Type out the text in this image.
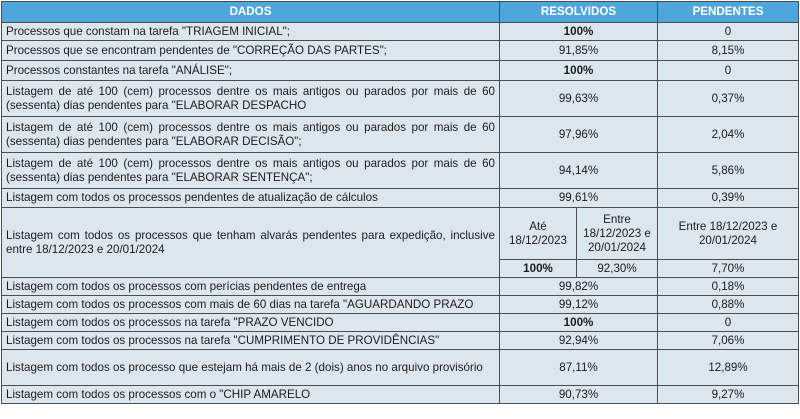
DADOS	RESOLVIDOS		PENDENTES
Processos que constam na tarefa "TRIAGEM INICIAL";	100%		0
Processos que se encontram pendentes de "CORREÇÃO DAS PARTES";	91,85%		8,15%
Processos constantes na tarefa "ANÁLISE";	100%		0
Listagem de até 100 (cem) processos dentre os mais antigos ou parados por mais de 60 (sessenta) dias pendentes para "ELABORAR DESPACHO	99,63%		0,37%
Listagem de até 100 (cem) processos dentre os mais antigos ou parados por mais de 60 (sessenta) dias pendentes para "ELABORAR DECISÃO";	97,96%		2,04%
Listagem de até 100 (cem) processos dentre os mais antigos ou parados por mais de 60 (sessenta) dias pendentes para "ELABORAR SENTENÇA";	94,14%		5,86%
Listagem com todos os processos pendentes de atualização de cálculos	99,61%		0,39%
Listagem com todos os processos que tenham alvarás pendentes para expedição, inclusive entre 18/12/2023 e 20/01/2024	Até 18/12/2023	Entre 18/12/2023 e 20/01/2024	Entre 18/12/2023 e 20/01/2024
	100%	92,30%	7,70%
Listagem com todos os processos com perícias pendentes de entrega	99,82%		0,18%
Listagem com todos os processos com mais de 60 dias na tarefa "AGUARDANDO PRAZO	99,12%		0,88%
Listagem com todos os processos na tarefa "PRAZO VENCIDO	100%		0
Listagem com todos os processos na tarefa "CUMPRIMENTO DE PROVIDÊNCIAS"	92,94%		7,06%
Listagem com todos os processo que estejam há mais de 2 (dois) anos no arquivo provisório	87,11%		12,89%
Listagem com todos os processos com o "CHIP AMARELO	90,73%		9,27%
